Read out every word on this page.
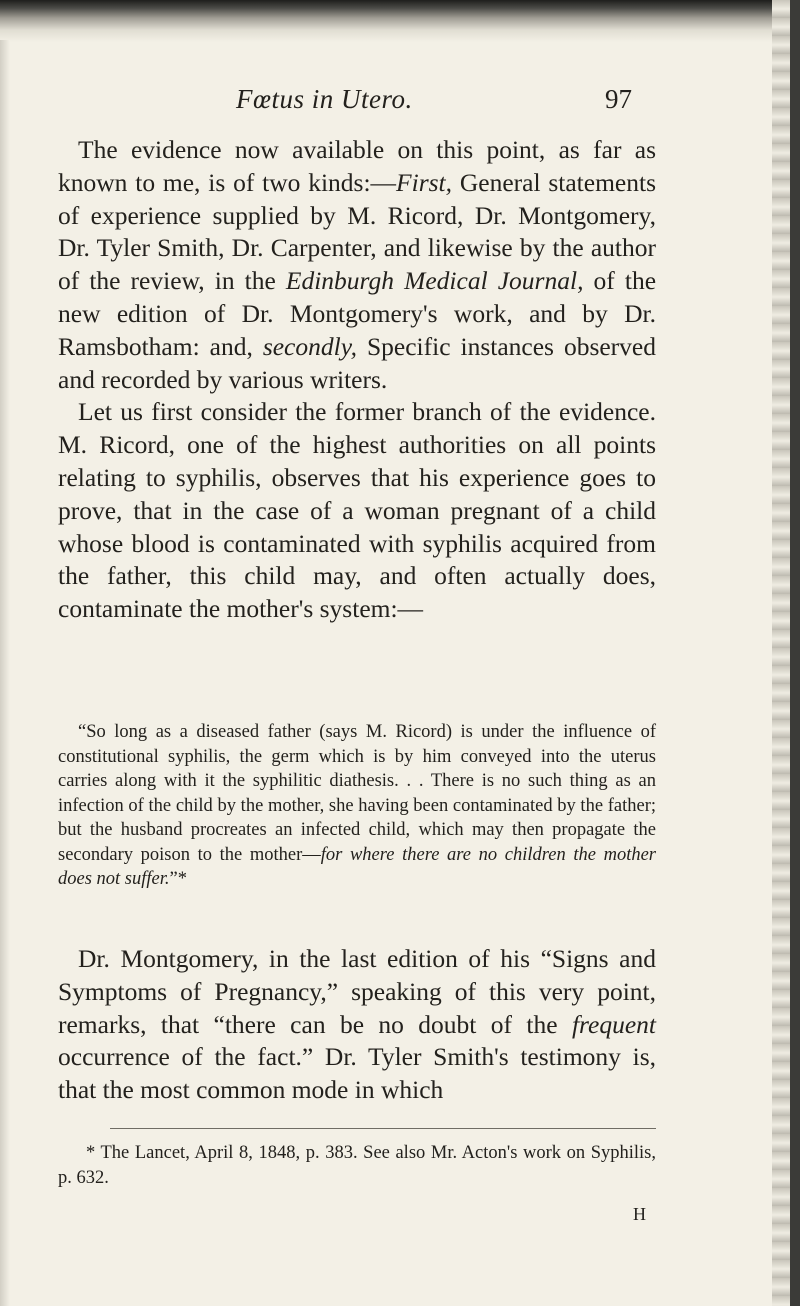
Fœtus in Utero.	97

The evidence now available on this point, as far as known to me, is of two kinds:—First, General statements of experience supplied by M. Ricord, Dr. Montgomery, Dr. Tyler Smith, Dr. Carpenter, and likewise by the author of the review, in the Edinburgh Medical Journal, of the new edition of Dr. Montgomery's work, and by Dr. Ramsbotham: and, secondly, Specific instances observed and recorded by various writers.

Let us first consider the former branch of the evidence. M. Ricord, one of the highest authorities on all points relating to syphilis, observes that his experience goes to prove, that in the case of a woman pregnant of a child whose blood is contaminated with syphilis acquired from the father, this child may, and often actually does, contaminate the mother's system:—

“So long as a diseased father (says M. Ricord) is under the influence of constitutional syphilis, the germ which is by him conveyed into the uterus carries along with it the syphilitic diathesis. . . There is no such thing as an infection of the child by the mother, she having been contaminated by the father; but the husband procreates an infected child, which may then propagate the secondary poison to the mother—for where there are no children the mother does not suffer.”*

Dr. Montgomery, in the last edition of his “Signs and Symptoms of Pregnancy,” speaking of this very point, remarks, that “there can be no doubt of the frequent occurrence of the fact.” Dr. Tyler Smith's testimony is, that the most common mode in which

* The Lancet, April 8, 1848, p. 383. See also Mr. Acton's work on Syphilis, p. 632.

H
